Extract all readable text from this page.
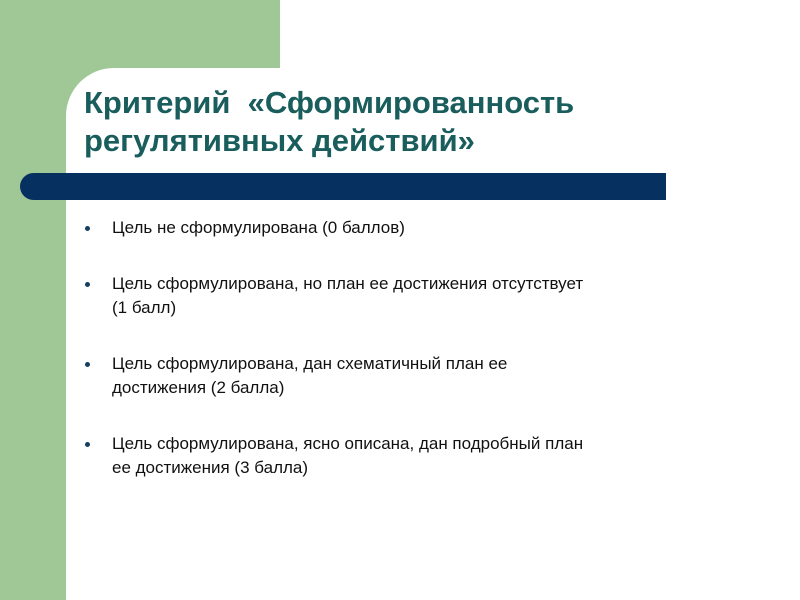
Критерий  «Сформированность
регулятивных действий»
Цель не сформулирована (0 баллов)
Цель сформулирована, но план ее достижения отсутствует
(1 балл)
Цель сформулирована, дан схематичный план ее
достижения (2 балла)
Цель сформулирована, ясно описана, дан подробный план
ее достижения (3 балла)
